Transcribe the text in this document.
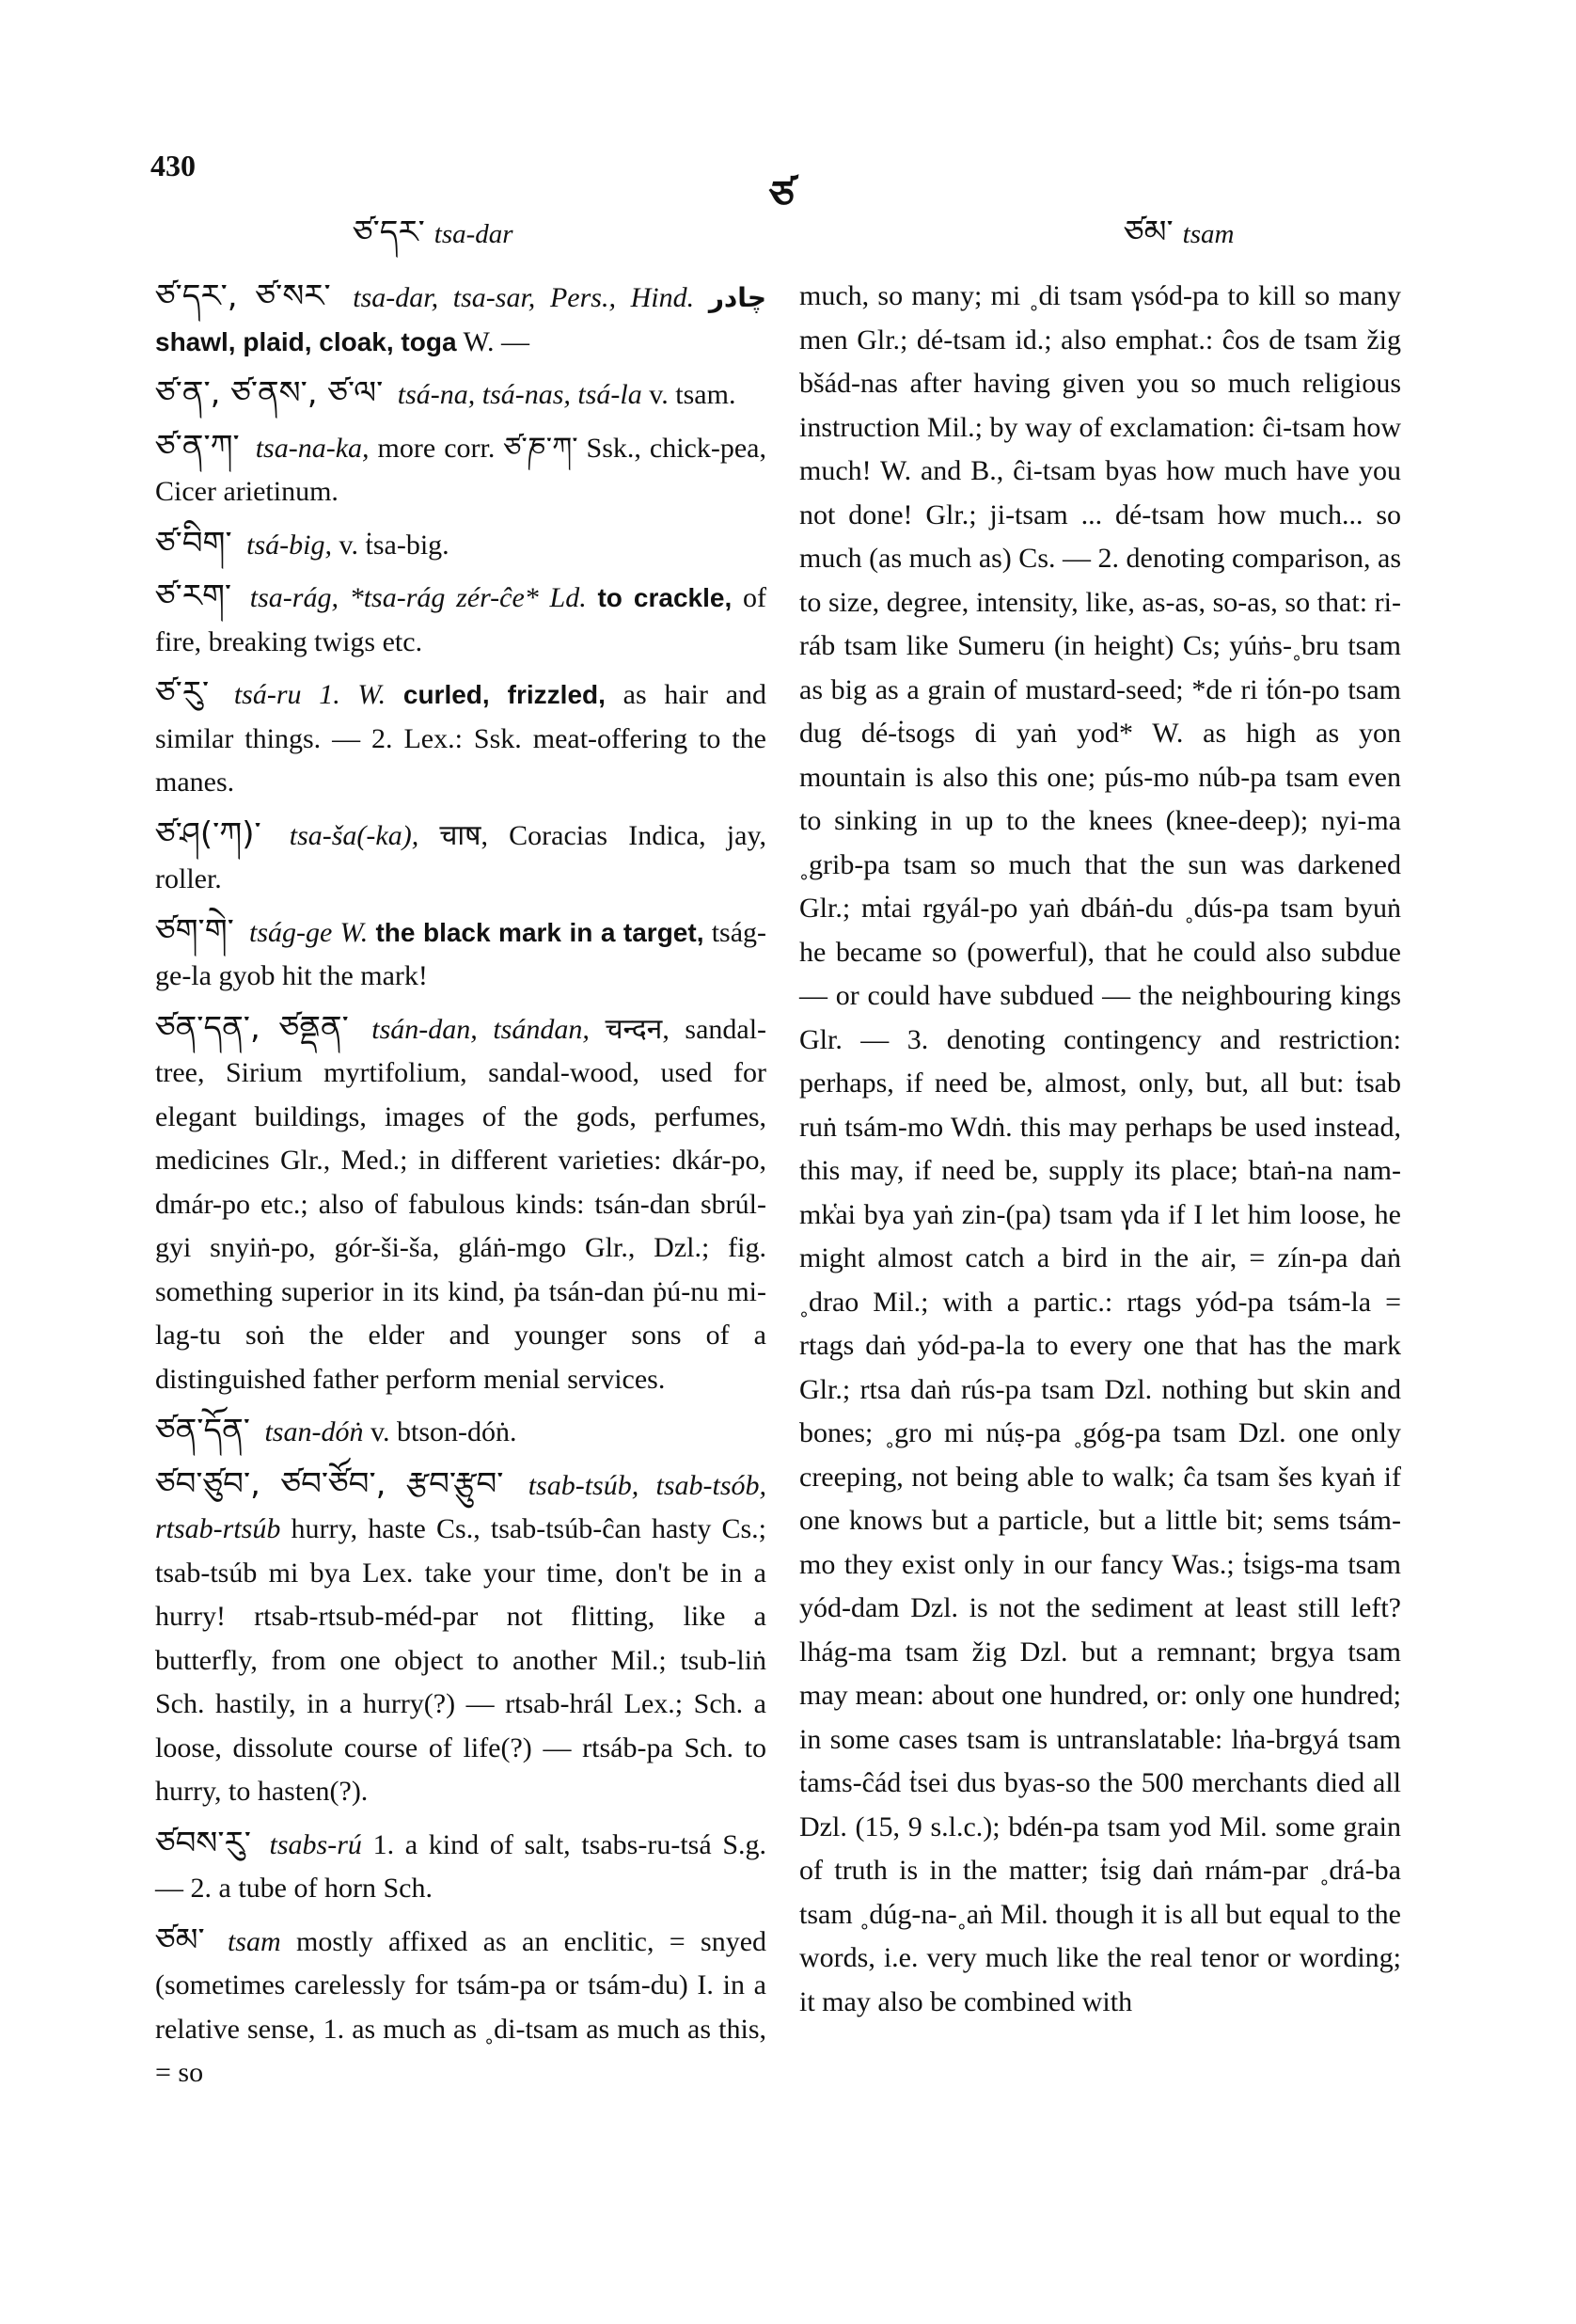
430
ཙ
ཙ་དར་ tsa-dar	ཙམ་ tsam

ཙ་དར་, ཙ་སར་ tsa-dar, tsa-sar, Pers., Hind. چادر shawl, plaid, cloak, toga W. —

ཙ་ན་, ཙ་ནས་, ཙ་ལ་ tsá-na, tsá-nas, tsá-la v. tsam.

ཙ་ན་ཀ་ tsa-na-ka, more corr. ཙ་ཎ་ཀ་ Ssk., chick-pea, Cicer arietinum.

ཙ་བིག་ tsá-big, v. ṫsa-big.

ཙ་རག་ tsa-rág, *tsa-rág zér-ĉe* Ld. to crackle, of fire, breaking twigs etc.

ཙ་རུ་ tsá-ru 1. W. curled, frizzled, as hair and similar things. — 2. Lex.: Ssk. meat-offering to the manes.

ཙ་ཤ(་ཀ)་ tsa-ša(-ka), चाष, Coracias Indica, jay, roller.

ཙག་གེ་ tság-ge W. the black mark in a target, tság-ge-la gyob hit the mark!

ཙན་དན་, ཙནྡན་ tsán-dan, tsándan, चन्दन, sandal-tree, Sirium myrtifolium, sandal-wood, used for elegant buildings, images of the gods, perfumes, medicines Glr., Med.; in different varieties: dkár-po, dmár-po etc.; also of fabulous kinds: tsán-dan sbrúl-gyi snyiṅ-po, gór-ši-ša, gláṅ-mgo Glr., Dzl.; fig. something superior in its kind, ṗa tsán-dan ṗú-nu mi-lag-tu soṅ the elder and younger sons of a distinguished father perform menial services.

ཙན་དོན་ tsan-dóṅ v. btson-dóṅ.

ཙབ་ཙུབ་, ཙབ་ཙོབ་, རྩབ་རྩུབ་ tsab-tsúb, tsab-tsób, rtsab-rtsúb hurry, haste Cs., tsab-tsúb-ĉan hasty Cs.; tsab-tsúb mi bya Lex. take your time, don't be in a hurry! rtsab-rtsub-méd-par not flitting, like a butterfly, from one object to another Mil.; tsub-liṅ Sch. hastily, in a hurry(?) — rtsab-hrál Lex.; Sch. a loose, dissolute course of life(?) — rtsáb-pa Sch. to hurry, to hasten(?).

ཙབས་རུ་ tsabs-rú 1. a kind of salt, tsabs-ru-tsá S.g. — 2. a tube of horn Sch.

ཙམ་ tsam mostly affixed as an enclitic, = snyed (sometimes carelessly for tsám-pa or tsám-du) I. in a relative sense, 1. as much as ˳di-tsam as much as this, = so

much, so many; mi ˳di tsam γsód-pa to kill so many men Glr.; dé-tsam id.; also emphat.: ĉos de tsam žig bšád-nas after having given you so much religious instruction Mil.; by way of exclamation: ĉi-tsam how much! W. and B., ĉi-tsam byas how much have you not done! Glr.; ji-tsam ... dé-tsam how much... so much (as much as) Cs. — 2. denoting comparison, as to size, degree, intensity, like, as-as, so-as, so that: ri-ráb tsam like Sumeru (in height) Cs; yúṅs-˳bru tsam as big as a grain of mustard-seed; *de ri ṫón-po tsam dug dé-ṫsogs di yaṅ yod* W. as high as yon mountain is also this one; pús-mo núb-pa tsam even to sinking in up to the knees (knee-deep); nyi-ma ˳grib-pa tsam so much that the sun was darkened Glr.; mṫai rgyál-po yaṅ dbáṅ-du ˳dús-pa tsam byuṅ he became so (powerful), that he could also subdue — or could have subdued — the neighbouring kings Glr. — 3. denoting contingency and restriction: perhaps, if need be, almost, only, but, all but: ṫsab ruṅ tsám-mo Wdṅ. this may perhaps be used instead, this may, if need be, supply its place; btaṅ-na nam-mk̔ai bya yaṅ zin-(pa) tsam γda if I let him loose, he might almost catch a bird in the air, = zín-pa daṅ ˳drao Mil.; with a partic.: rtags yód-pa tsám-la = rtags daṅ yód-pa-la to every one that has the mark Glr.; rtsa daṅ rús-pa tsam Dzl. nothing but skin and bones; ˳gro mi núṣ-pa ˳góg-pa tsam Dzl. one only creeping, not being able to walk; ĉa tsam šes kyaṅ if one knows but a particle, but a little bit; sems tsám-mo they exist only in our fancy Was.; ṫsigs-ma tsam yód-dam Dzl. is not the sediment at least still left? lhág-ma tsam žig Dzl. but a remnant; brgya tsam may mean: about one hundred, or: only one hundred; in some cases tsam is untranslatable: lṅa-brgyá tsam ṫams-ĉád ṫsei dus byas-so the 500 merchants died all Dzl. (15, 9 s.l.c.); bdén-pa tsam yod Mil. some grain of truth is in the matter; ṫsig daṅ rnám-par ˳drá-ba tsam ˳dúg-na-˳aṅ Mil. though it is all but equal to the words, i.e. very much like the real tenor or wording; it may also be combined with
